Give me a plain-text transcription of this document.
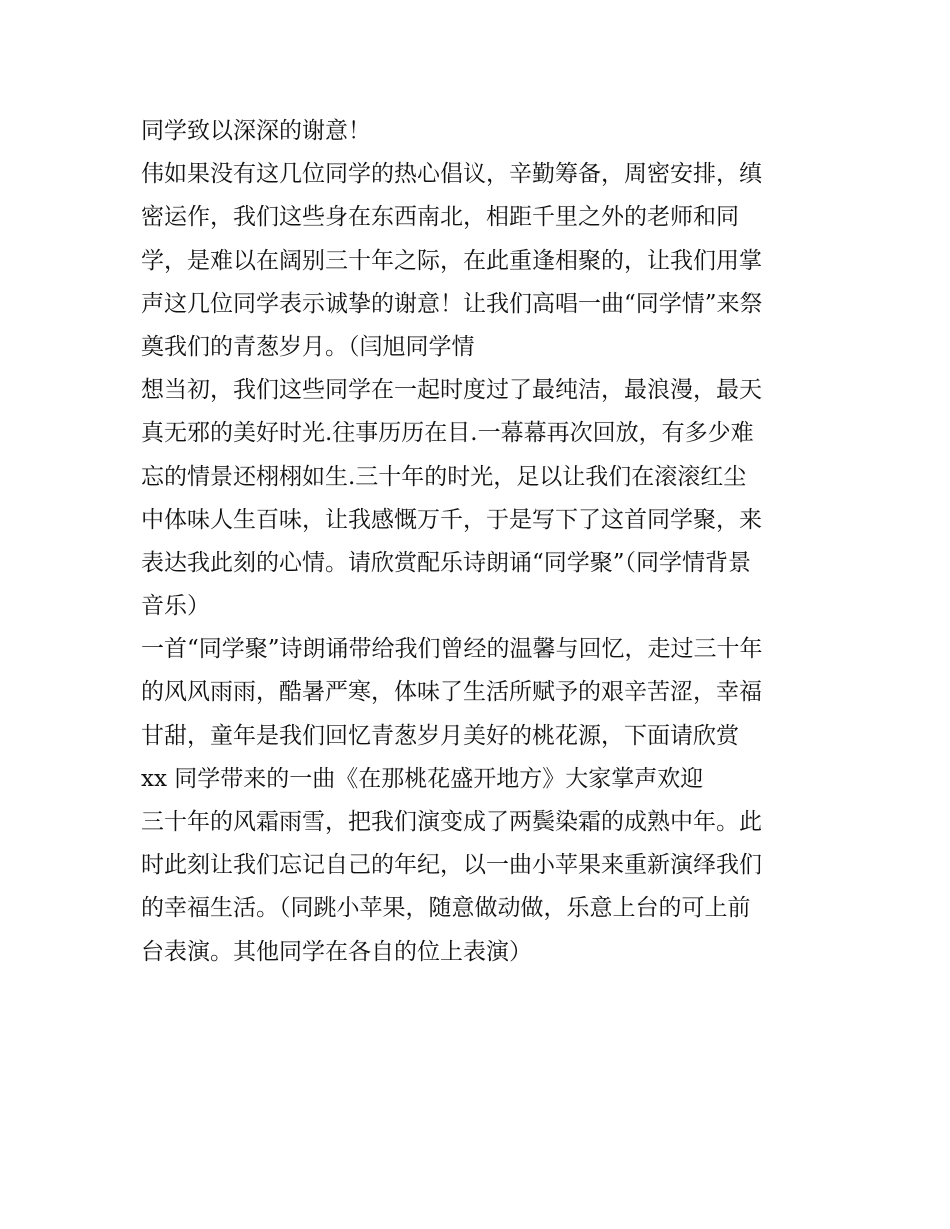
同学致以深深的谢意！
伟如果没有这几位同学的热心倡议，辛勤筹备，周密安排，缜
密运作，我们这些身在东西南北，相距千里之外的老师和同
学，是难以在阔别三十年之际，在此重逢相聚的，让我们用掌
声这几位同学表示诚挚的谢意！让我们高唱一曲“同学情”来祭
奠我们的青葱岁月。（闫旭同学情
想当初，我们这些同学在一起时度过了最纯洁，最浪漫，最天
真无邪的美好时光.往事历历在目.一幕幕再次回放，有多少难
忘的情景还栩栩如生.三十年的时光，足以让我们在滚滚红尘
中体味人生百味，让我感慨万千，于是写下了这首同学聚，来
表达我此刻的心情。请欣赏配乐诗朗诵“同学聚”（同学情背景
音乐）
一首“同学聚”诗朗诵带给我们曾经的温馨与回忆，走过三十年
的风风雨雨，酷暑严寒，体味了生活所赋予的艰辛苦涩，幸福
甘甜，童年是我们回忆青葱岁月美好的桃花源，下面请欣赏
xx 同学带来的一曲《在那桃花盛开地方》大家掌声欢迎
三十年的风霜雨雪，把我们演变成了两鬓染霜的成熟中年。此
时此刻让我们忘记自己的年纪，以一曲小苹果来重新演绎我们
的幸福生活。（同跳小苹果，随意做动做，乐意上台的可上前
台表演。其他同学在各自的位上表演）
